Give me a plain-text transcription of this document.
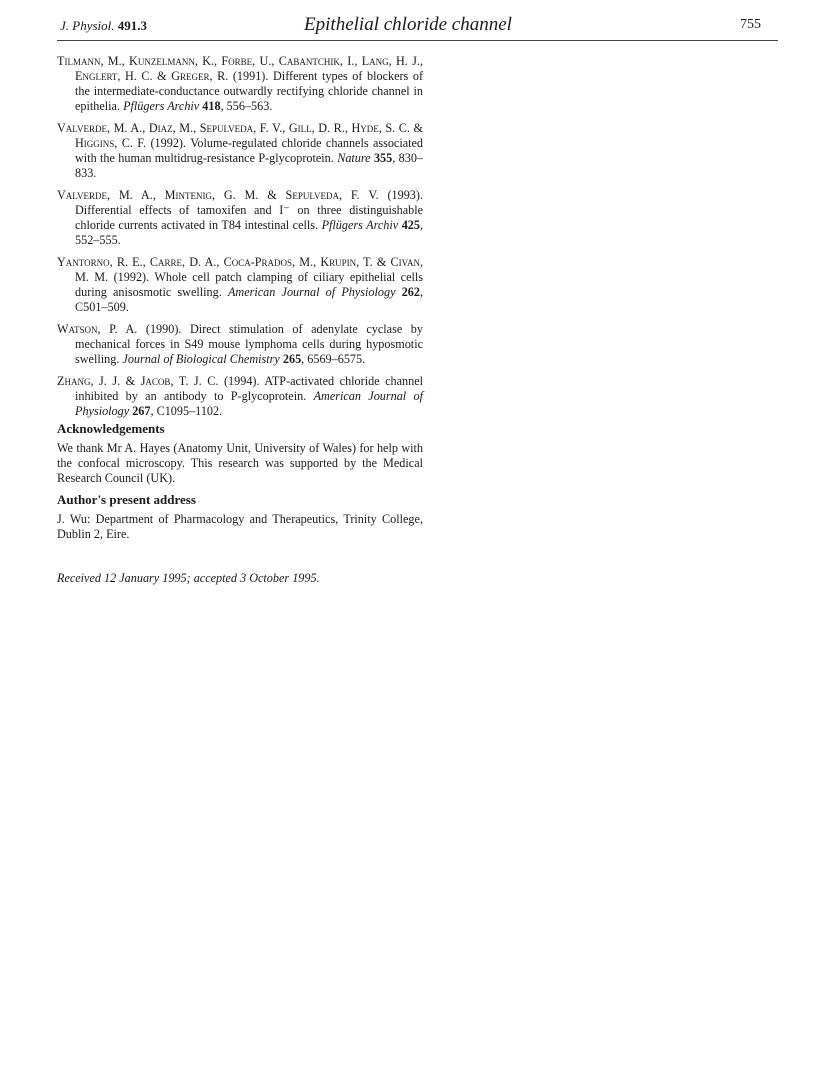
J. Physiol. 491.3	Epithelial chloride channel	755

Tilmann, M., Kunzelmann, K., Forbe, U., Cabantchik, I., Lang, H. J., Englert, H. C. & Greger, R. (1991). Different types of blockers of the intermediate-conductance outwardly rectifying chloride channel in epithelia. Pflügers Archiv 418, 556–563.

Valverde, M. A., Diaz, M., Sepulveda, F. V., Gill, D. R., Hyde, S. C. & Higgins, C. F. (1992). Volume-regulated chloride channels associated with the human multidrug-resistance P-glycoprotein. Nature 355, 830–833.

Valverde, M. A., Mintenig, G. M. & Sepulveda, F. V. (1993). Differential effects of tamoxifen and I⁻ on three distinguishable chloride currents activated in T84 intestinal cells. Pflügers Archiv 425, 552–555.

Yantorno, R. E., Carre, D. A., Coca-Prados, M., Krupin, T. & Civan, M. M. (1992). Whole cell patch clamping of ciliary epithelial cells during anisosmotic swelling. American Journal of Physiology 262, C501–509.

Watson, P. A. (1990). Direct stimulation of adenylate cyclase by mechanical forces in S49 mouse lymphoma cells during hyposmotic swelling. Journal of Biological Chemistry 265, 6569–6575.

Zhang, J. J. & Jacob, T. J. C. (1994). ATP-activated chloride channel inhibited by an antibody to P-glycoprotein. American Journal of Physiology 267, C1095–1102.

Acknowledgements
We thank Mr A. Hayes (Anatomy Unit, University of Wales) for help with the confocal microscopy. This research was supported by the Medical Research Council (UK).
Author's present address
J. Wu: Department of Pharmacology and Therapeutics, Trinity College, Dublin 2, Eire.
Received 12 January 1995; accepted 3 October 1995.
